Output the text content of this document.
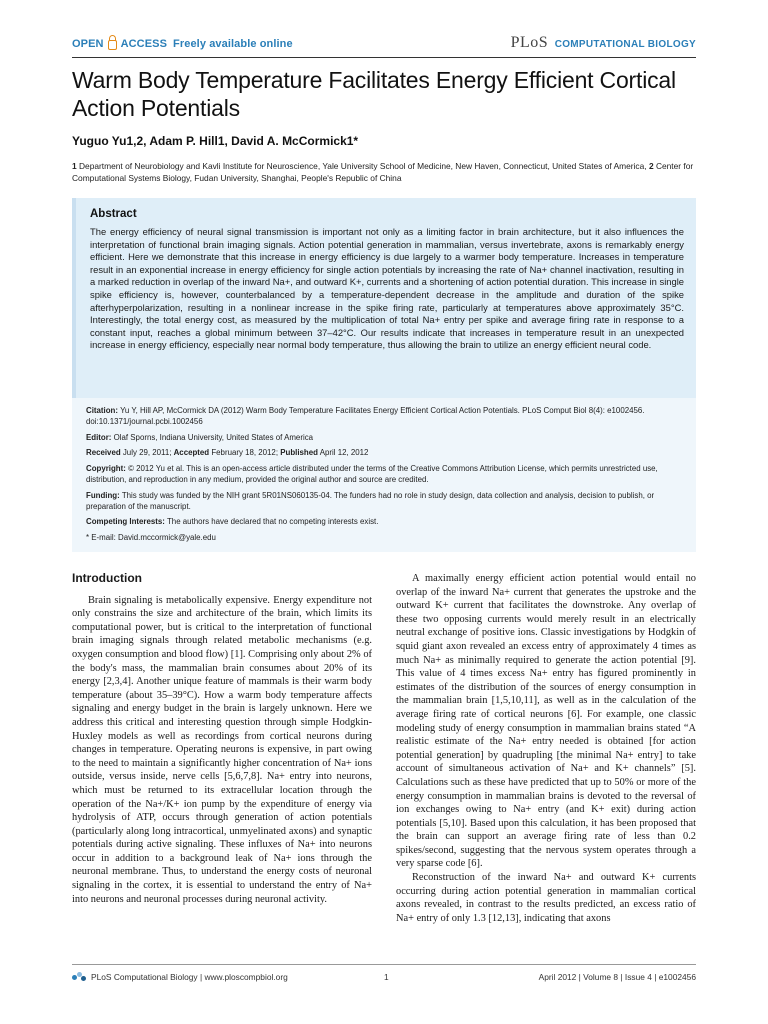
OPEN ACCESS Freely available online	PLoS COMPUTATIONAL BIOLOGY
Warm Body Temperature Facilitates Energy Efficient Cortical Action Potentials
Yuguo Yu1,2, Adam P. Hill1, David A. McCormick1*
1 Department of Neurobiology and Kavli Institute for Neuroscience, Yale University School of Medicine, New Haven, Connecticut, United States of America, 2 Center for Computational Systems Biology, Fudan University, Shanghai, People's Republic of China
Abstract

The energy efficiency of neural signal transmission is important not only as a limiting factor in brain architecture, but it also influences the interpretation of functional brain imaging signals. Action potential generation in mammalian, versus invertebrate, axons is remarkably energy efficient. Here we demonstrate that this increase in energy efficiency is due largely to a warmer body temperature. Increases in temperature result in an exponential increase in energy efficiency for single action potentials by increasing the rate of Na+ channel inactivation, resulting in a marked reduction in overlap of the inward Na+, and outward K+, currents and a shortening of action potential duration. This increase in single spike efficiency is, however, counterbalanced by a temperature-dependent decrease in the amplitude and duration of the spike afterhyperpolarization, resulting in a nonlinear increase in the spike firing rate, particularly at temperatures above approximately 35°C. Interestingly, the total energy cost, as measured by the multiplication of total Na+ entry per spike and average firing rate in response to a constant input, reaches a global minimum between 37–42°C. Our results indicate that increases in temperature result in an unexpected increase in energy efficiency, especially near normal body temperature, thus allowing the brain to utilize an energy efficient neural code.

Citation: Yu Y, Hill AP, McCormick DA (2012) Warm Body Temperature Facilitates Energy Efficient Cortical Action Potentials. PLoS Comput Biol 8(4): e1002456. doi:10.1371/journal.pcbi.1002456

Editor: Olaf Sporns, Indiana University, United States of America

Received July 29, 2011; Accepted February 18, 2012; Published April 12, 2012

Copyright: © 2012 Yu et al. This is an open-access article distributed under the terms of the Creative Commons Attribution License, which permits unrestricted use, distribution, and reproduction in any medium, provided the original author and source are credited.

Funding: This study was funded by the NIH grant 5R01NS060135-04. The funders had no role in study design, data collection and analysis, decision to publish, or preparation of the manuscript.

Competing Interests: The authors have declared that no competing interests exist.

* E-mail: David.mccormick@yale.edu

Introduction

Brain signaling is metabolically expensive. Energy expenditure not only constrains the size and architecture of the brain, which limits its computational power, but is critical to the interpretation of functional brain imaging signals through related metabolic mechanisms (e.g. oxygen consumption and blood flow) [1]. Comprising only about 2% of the body's mass, the mammalian brain consumes about 20% of its energy [2,3,4]. Another unique feature of mammals is their warm body temperature (about 35–39°C). How a warm body temperature affects signaling and energy budget in the brain is largely unknown. Here we address this critical and interesting question through simple Hodgkin-Huxley models as well as recordings from cortical neurons during changes in temperature. Operating neurons is expensive, in part owing to the need to maintain a significantly higher concentration of Na+ ions outside, versus inside, nerve cells [5,6,7,8]. Na+ entry into neurons, which must be returned to its extracellular location through the operation of the Na+/K+ ion pump by the expenditure of energy via hydrolysis of ATP, occurs through generation of action potentials (particularly along long intracortical, unmyelinated axons) and synaptic potentials during active signaling. These influxes of Na+ into neurons occur in addition to a background leak of Na+ ions through the neuronal membrane. Thus, to understand the energy costs of neuronal signaling in the cortex, it is essential to understand the entry of Na+ into neurons and neuronal processes during neuronal activity.

A maximally energy efficient action potential would entail no overlap of the inward Na+ current that generates the upstroke and the outward K+ current that facilitates the downstroke. Any overlap of these two opposing currents would merely result in an electrically neutral exchange of positive ions. Classic investigations by Hodgkin of squid giant axon revealed an excess entry of approximately 4 times as much Na+ as minimally required to generate the action potential [9]. This value of 4 times excess Na+ entry has figured prominently in estimates of the distribution of the sources of energy consumption in the mammalian brain [1,5,10,11], as well as in the calculation of the average firing rate of cortical neurons [6]. For example, one classic modeling study of energy consumption in mammalian brains stated “A realistic estimate of the Na+ entry needed is obtained [for action potential generation] by quadrupling [the minimal Na+ entry] to take account of simultaneous activation of Na+ and K+ channels” [5]. Calculations such as these have predicted that up to 50% or more of the energy consumption in mammalian brains is devoted to the reversal of ion exchanges owing to Na+ entry (and K+ exit) during action potentials [5,10]. Based upon this calculation, it has been proposed that the brain can support an average firing rate of less than 0.2 spikes/second, suggesting that the nervous system operates through a very sparse code [6].

Reconstruction of the inward Na+ and outward K+ currents occurring during action potential generation in mammalian cortical axons revealed, in contrast to the results predicted, an excess ratio of Na+ entry of only 1.3 [12,13], indicating that axons

PLoS Computational Biology | www.ploscompbiol.org	1	April 2012 | Volume 8 | Issue 4 | e1002456
